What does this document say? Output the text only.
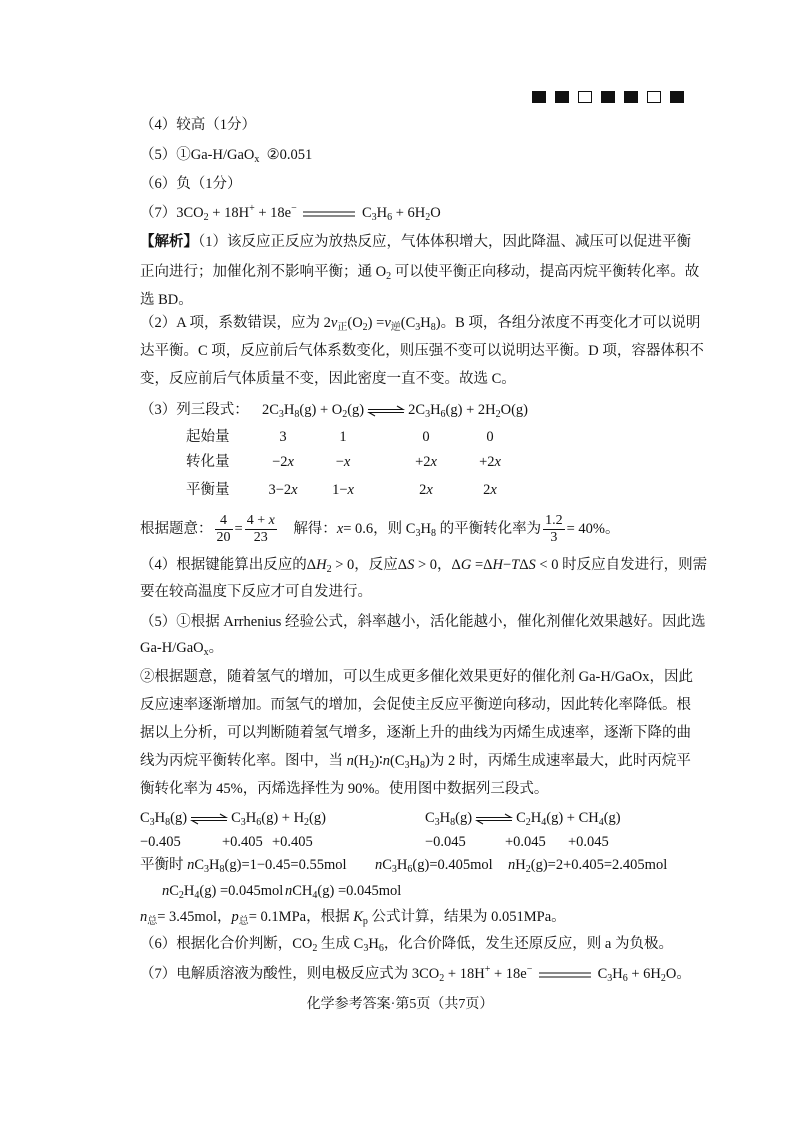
（4）较高（1分）
（5）①Ga-H/GaO$_x$  ②0.051
（6）负（1分）
$(7)3CO_2 + 18H^+ + 18e^-$	$C_3H_6 + 6H_2O$
【解析】（1）该反应正反应为放热反应，气体体积增大，因此降温、减压可以促进平衡
正向进行；加催化剂不影响平衡；通 $O_2$ 可以使平衡正向移动，提高丙烷平衡转化率。故
选 BD。
（2）A 项，系数错误，应为 $2v_正(O_2) =v_逆(C_3H_8)$。B 项，各组分浓度不再变化才可以说明
达平衡。C 项，反应前后气体系数变化，则压强不变可以说明达平衡。D 项，容器体积不
变，反应前后气体质量不变，因此密度一直不变。故选 C。
（3）列三段式： $2C_3H_8(g) + O_2(g)$ ⇌ $2C_3H_6(g) + 2H_2O(g)$
起始量	3	1	0	0
转化量	−2x	−x	+2x	+2x
平衡量	3−2x	1−x	2x	2x
根据题意： $\frac{4}{20} = \frac{4 + x}{23}$ 解得：x= 0.6，则 $C_3H_8$ 的平衡转化率为 $\frac{1.2}{3} = 40\%$。
（4）根据键能算出反应的$\Delta H_2 > 0$，反应ΔS > 0，ΔG =ΔH−TΔS < 0 时反应自发进行，则需
要在较高温度下反应才可自发进行。
（5）①根据 Arrhenius 经验公式，斜率越小，活化能越小，催化剂催化效果越好。因此选
Ga-H/GaO$_x$。
②根据题意，随着氢气的增加，可以生成更多催化效果更好的催化剂 Ga-H/GaOx，因此
反应速率逐渐增加。而氢气的增加，会促使主反应平衡逆向移动，因此转化率降低。根
据以上分析，可以判断随着氢气增多，逐渐上升的曲线为丙烯生成速率，逐渐下降的曲
线为丙烷平衡转化率。图中，当 $n(H_2)∶n(C_3H_8)$为 2 时，丙烯生成速率最大，此时丙烷平
衡转化率为 45%，丙烯选择性为 90%。使用图中数据列三段式。
$C_3H_8(g)$ ⇌ $C_3H_6(g) + H_2(g)$	$C_3H_8(g)$ ⇌ $C_2H_4(g) + CH_4(g)$
−0.405	+0.405 +0.405	−0.045	+0.045 +0.045
平衡时 $nC_3H_8(g)=1-0.45=0.55mol$ $nC_3H_6(g)=0.405mol$ $nH_2(g)=2+0.405=2.405mol$
$nC_2H_4(g) =0.045mol$ nCH$_4$(g) =0.045mol
$n_总= 3.45mol$，$p_总= 0.1MPa$，根据 $K_p$ 公式计算，结果为 0.051MPa。
（6）根据化合价判断，$CO_2$ 生成 $C_3H_6$，化合价降低，发生还原反应，则 a 为负极。
（7）电解质溶液为酸性，则电极反应式为 $3CO_2 + 18H^+ + 18e^-$	$C_3H_6 + 6H_2O$。
化学参考答案·第5页（共7页）
